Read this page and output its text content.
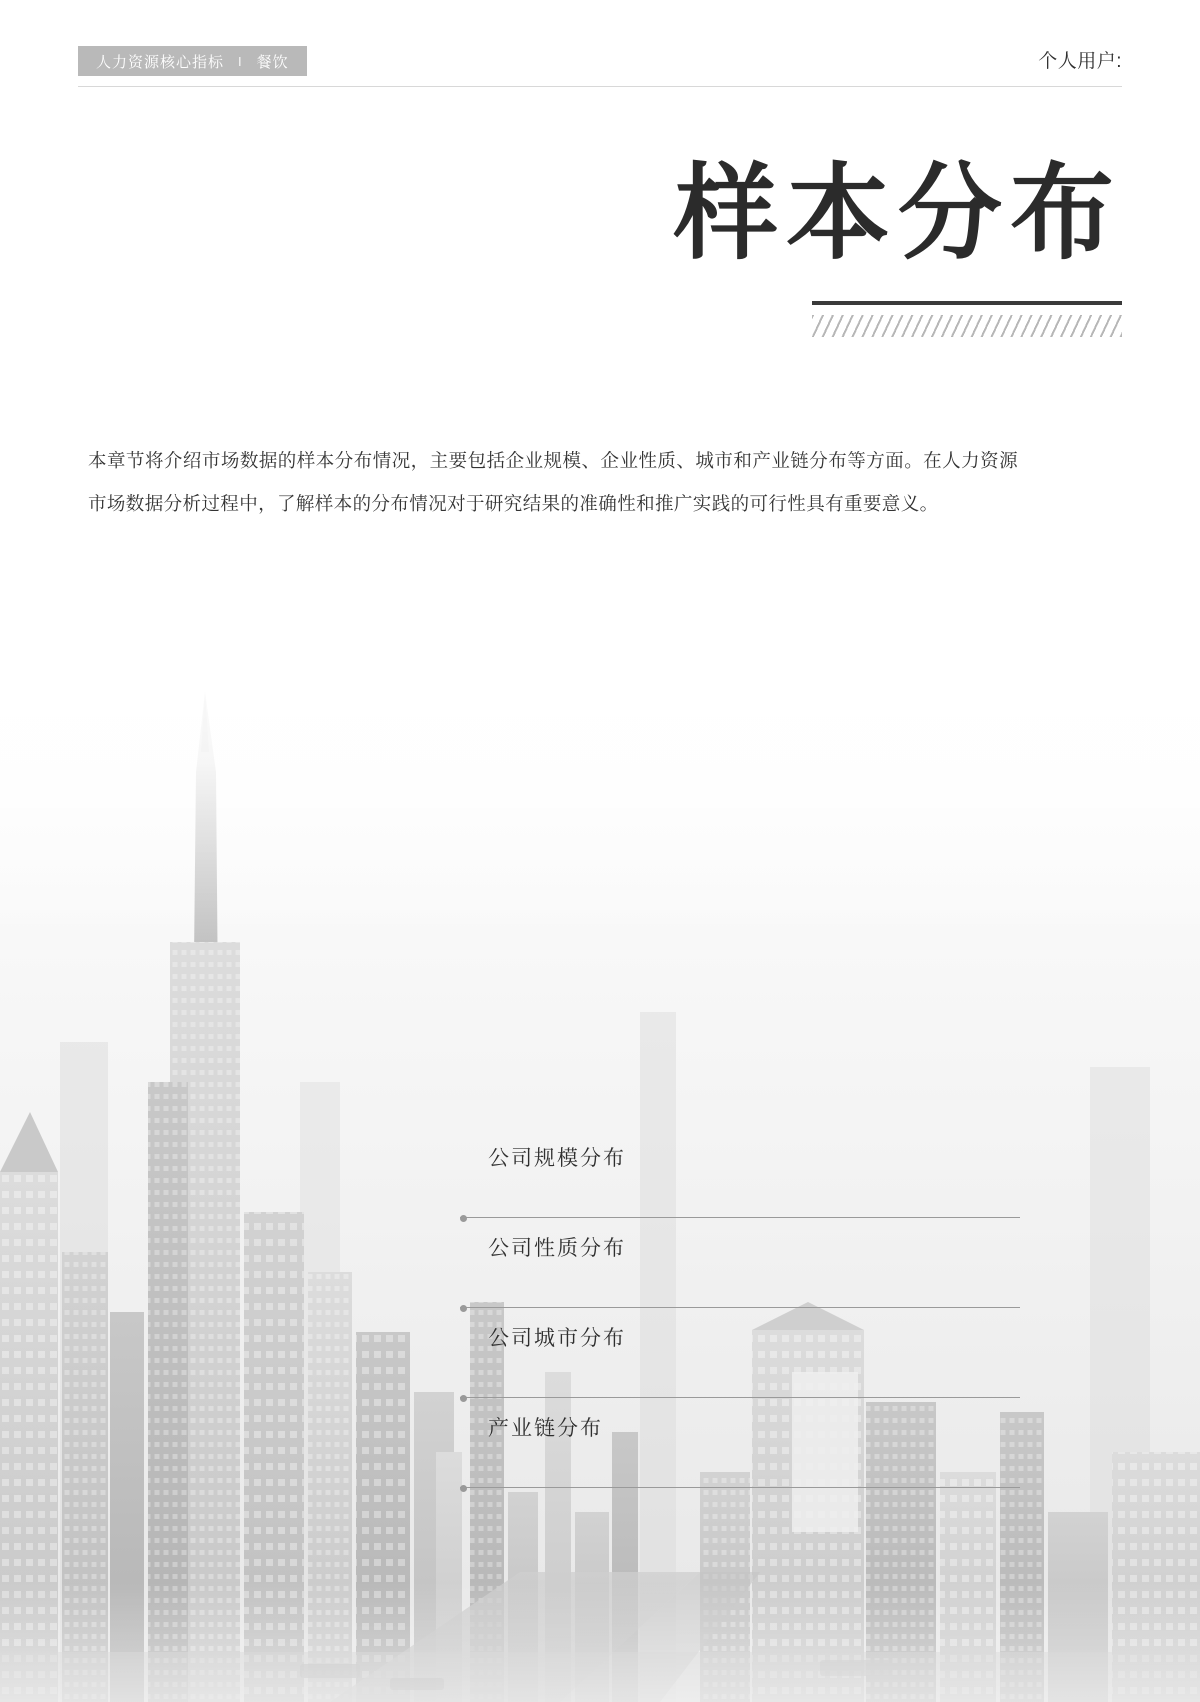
人力资源核心指标 Ι 餐饮	个人用户:
样本分布

本章节将介绍市场数据的样本分布情况，主要包括企业规模、企业性质、城市和产业链分布等方面。在人力资源市场数据分析过程中，了解样本的分布情况对于研究结果的准确性和推广实践的可行性具有重要意义。

公司规模分布
公司性质分布
公司城市分布
产业链分布
